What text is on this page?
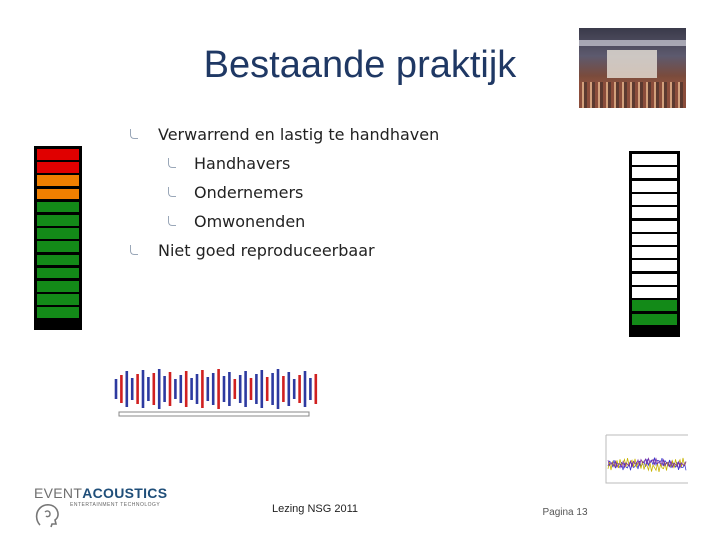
Bestaande praktijk
Verwarrend en lastig te handhaven
Handhavers
Ondernemers
Omwonenden
Niet goed reproduceerbaar
EVENTACOUSTICS
ENTERTAINMENT TECHNOLOGY	Lezing NSG 2011	Pagina 13
